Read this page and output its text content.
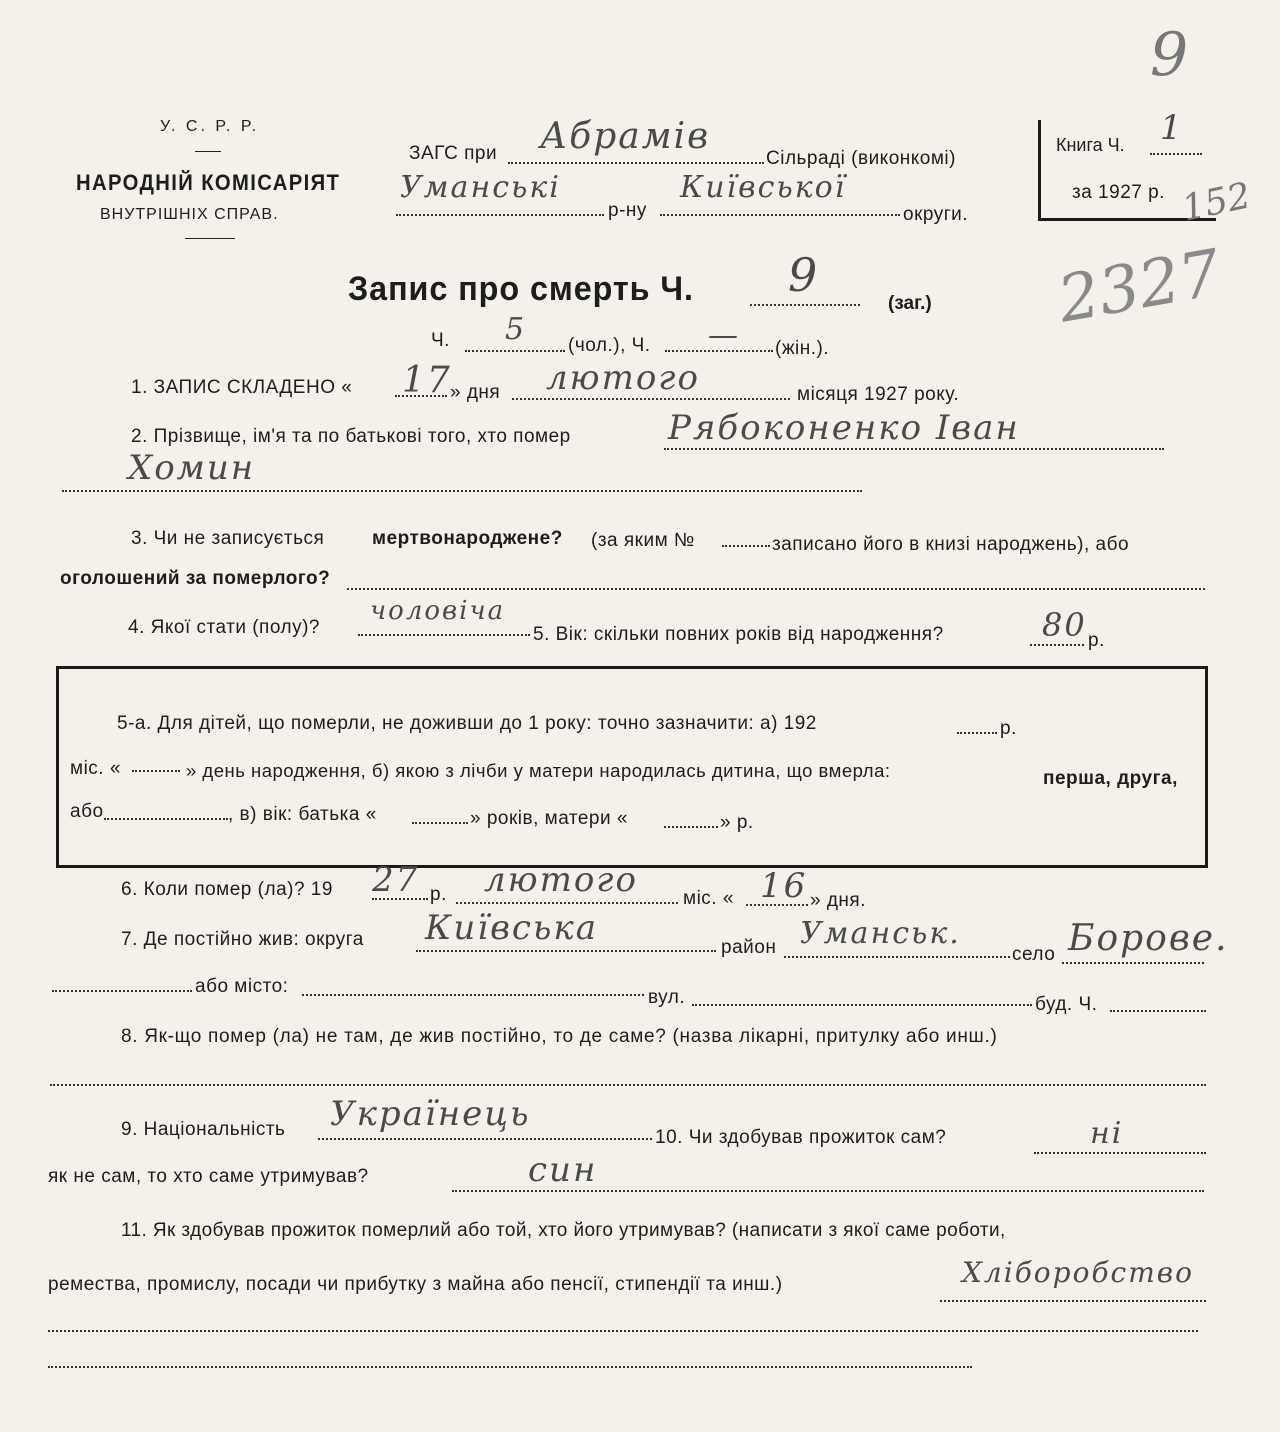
У. С. Р. Р.
НАРОДНІЙ КОМІСАРІЯТ
ВНУТРІШНІХ СПРАВ.
ЗАГС при Абрамів
Сільраді (виконкомі)
Уманські
р-ну
Київської
округи.
Книга Ч. 1
за 1927 р.
9
152
2327
Запис про смерть Ч. 9
(заг.)
Ч. 5 (чол.), Ч. — (жін.).
1. ЗАПИС СКЛАДЕНО « 17
» дня лютого	місяця 1927 року.
2. Прізвище, ім'я та по батькові того, хто помер	Рябоконенко Іван
Хомин
3. Чи не записується	мертвонароджене? (за яким №	записано його в книзі народжень), або
оголошений за померлого?
4. Якої стати (полу)?
чоловіча
5. Вік: скільки повних років від народження?	80 р.
5-а. Для дітей, що померли, не доживши до 1 року: точно зазначити: а) 192	р.
міс. «	» день народження, б) якою з лічби у матери народилась дитина, що вмерла:	перша, друга,
або	, в) вік: батька «	» років, матери «	» р.
6. Коли помер (ла)? 19 27 р. лютого міс. « 16 » дня.
7. Де постійно жив: округа Київська	район Уманськ.
село Борове.
або місто:
вул.	буд. Ч.
8. Як-що помер (ла) не там, де жив постійно, то де саме? (назва лікарні, притулку або инш.)
9. Національність Українець
10. Чи здобував прожиток сам?	ні
як не сам, то хто саме утримував?	син
11. Як здобував прожиток померлий або той, хто його утримував? (написати з якої саме роботи,
ремества, промислу, посади чи прибутку з майна або пенсії, стипендії та инш.)	Хліборобство
